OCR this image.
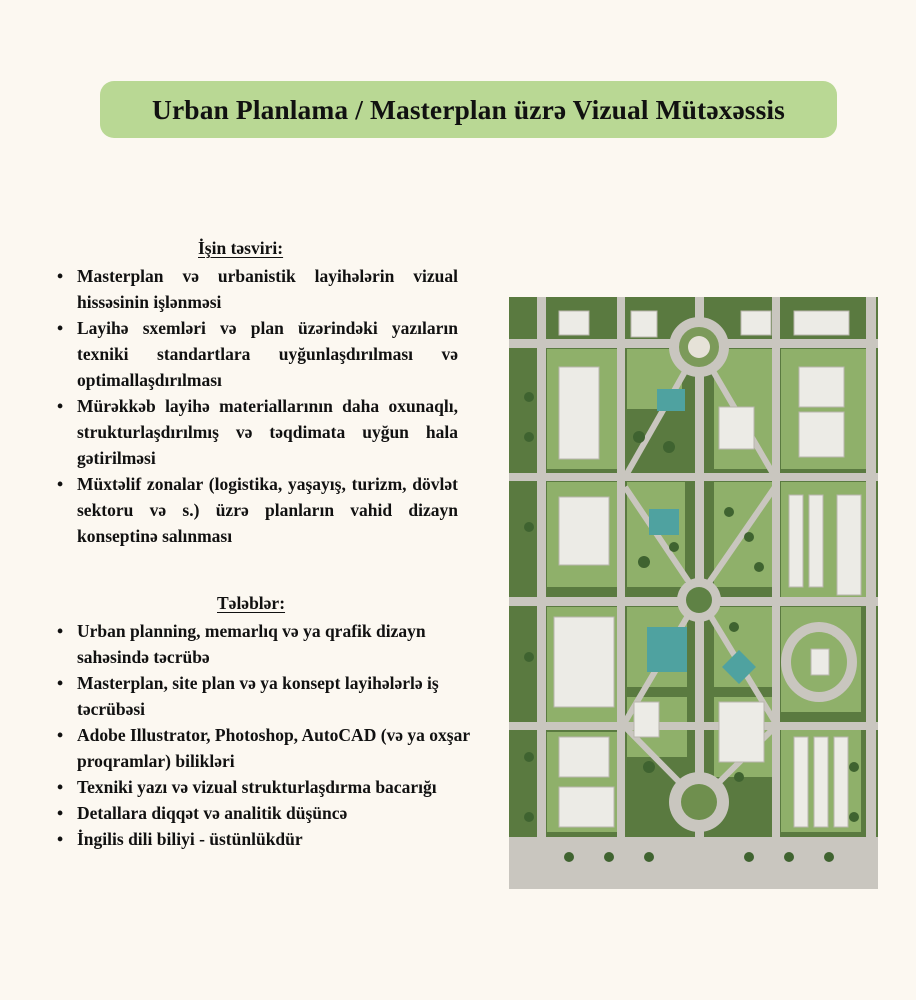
Urban Planlama / Masterplan üzrə Vizual Mütəxəssis
İşin təsviri:
• Masterplan və urbanistik layihələrin vizual hissəsinin işlənməsi
• Layihə sxemləri və plan üzərindəki yazıların texniki standartlara uyğunlaşdırılması və optimallaşdırılması
• Mürəkkəb layihə materiallarının daha oxunaqlı, strukturlaşdırılmış və təqdimata uyğun hala gətirilməsi
• Müxtəlif zonalar (logistika, yaşayış, turizm, dövlət sektoru və s.) üzrə planların vahid dizayn konseptinə salınması
Tələblər:
• Urban planning, memarlıq və ya qrafik dizayn sahəsində təcrübə
• Masterplan, site plan və ya konsept layihələrlə iş təcrübəsi
• Adobe Illustrator, Photoshop, AutoCAD (və ya oxşar proqramlar) bilikləri
• Texniki yazı və vizual strukturlaşdırma bacarığı
• Detallara diqqət və analitik düşüncə
• İngilis dili biliyi - üstünlükdür
